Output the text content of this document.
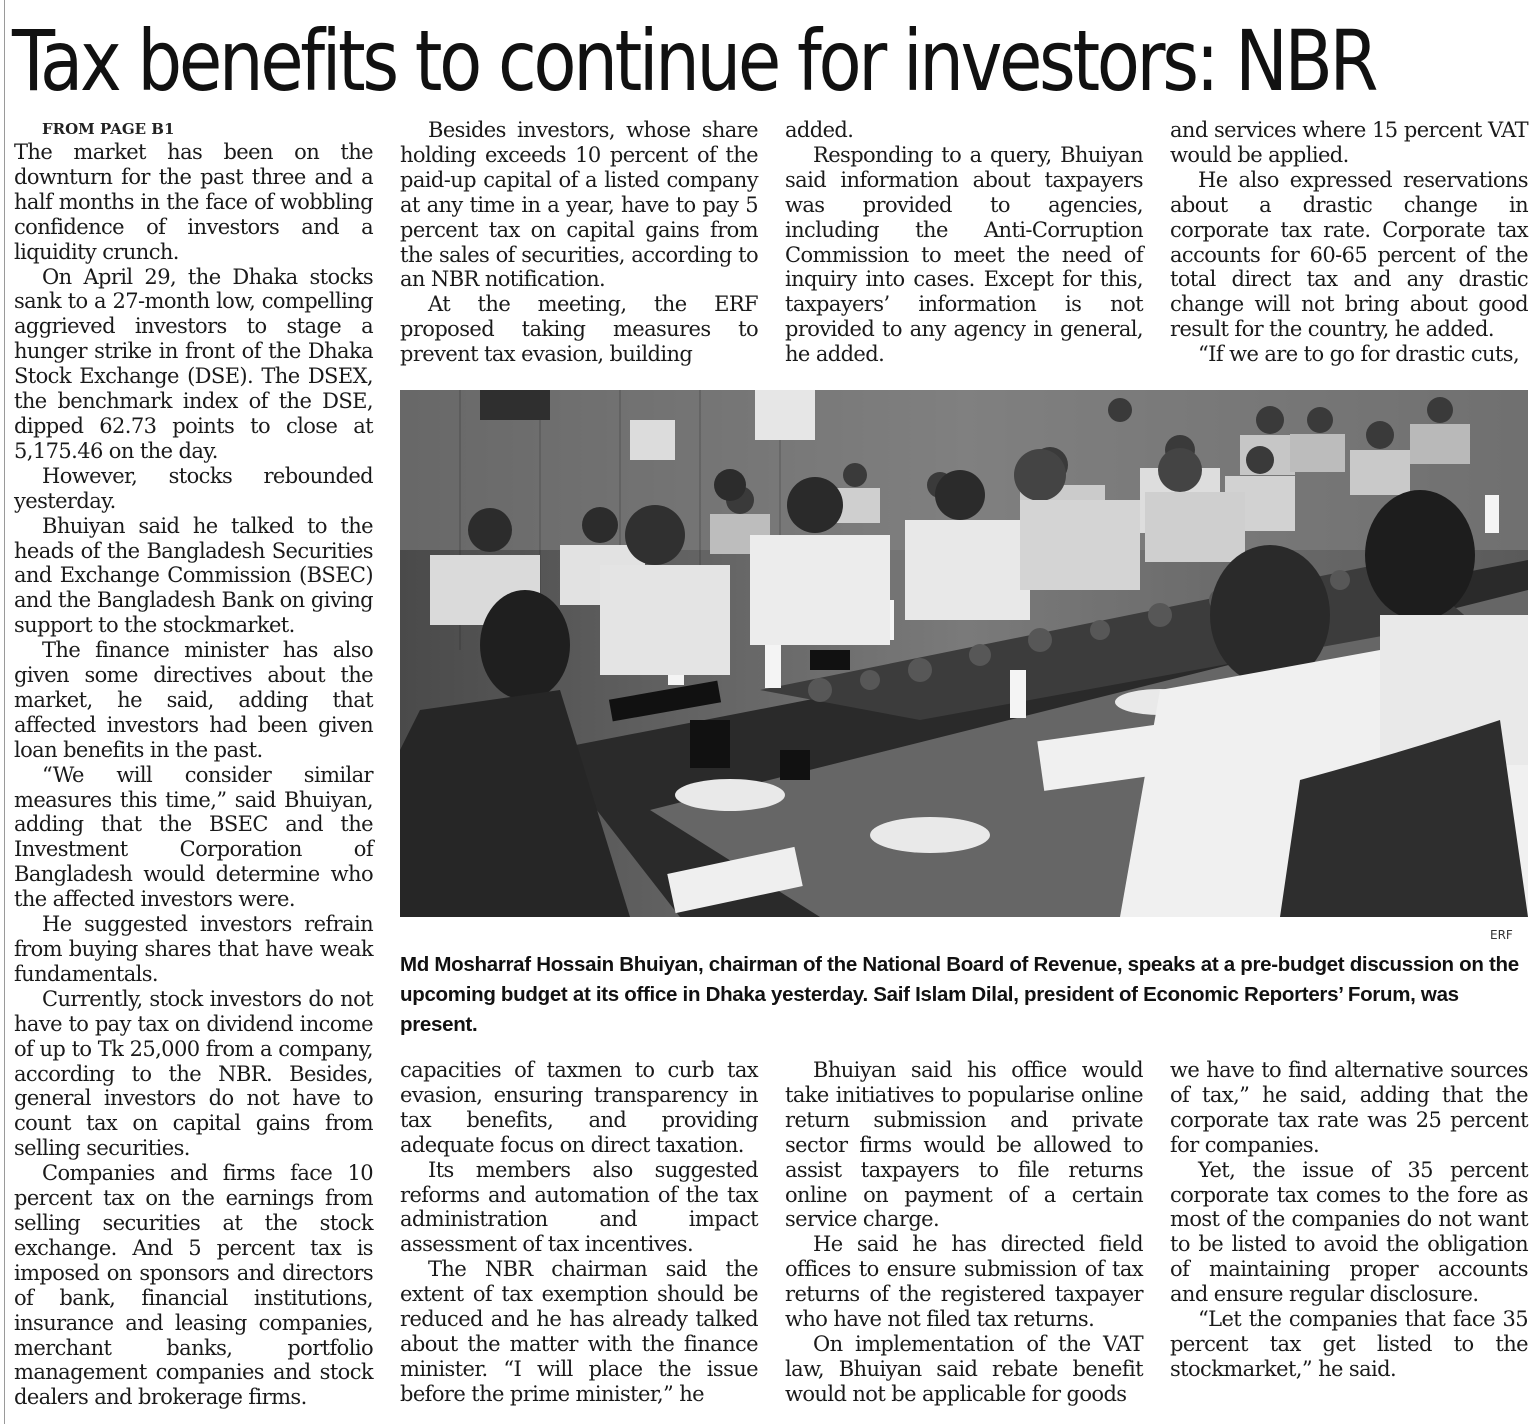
Tax benefits to continue for investors: NBR

FROM PAGE B1

The market has been on the downturn for the past three and a half months in the face of wobbling confidence of investors and a liquidity crunch.

On April 29, the Dhaka stocks sank to a 27-month low, compelling aggrieved investors to stage a hunger strike in front of the Dhaka Stock Exchange (DSE). The DSEX, the benchmark index of the DSE, dipped 62.73 points to close at 5,175.46 on the day.

However, stocks rebounded yesterday.

Bhuiyan said he talked to the heads of the Bangladesh Securities and Exchange Commission (BSEC) and the Bangladesh Bank on giving support to the stockmarket.

The finance minister has also given some directives about the market, he said, adding that affected investors had been given loan benefits in the past.

“We will consider similar measures this time,” said Bhuiyan, adding that the BSEC and the Investment Corporation of Bangladesh would determine who the affected investors were.

He suggested investors refrain from buying shares that have weak fundamentals.

Currently, stock investors do not have to pay tax on dividend income of up to Tk 25,000 from a company, according to the NBR. Besides, general investors do not have to count tax on capital gains from selling securities.

Companies and firms face 10 percent tax on the earnings from selling securities at the stock exchange. And 5 percent tax is imposed on sponsors and directors of bank, financial institutions, insurance and leasing companies, merchant banks, portfolio management companies and stock dealers and brokerage firms.

Besides investors, whose share holding exceeds 10 percent of the paid-up capital of a listed company at any time in a year, have to pay 5 percent tax on capital gains from the sales of securities, according to an NBR notification.

At the meeting, the ERF proposed taking measures to prevent tax evasion, building

added.

Responding to a query, Bhuiyan said information about taxpayers was provided to agencies, including the Anti-Corruption Commission to meet the need of inquiry into cases. Except for this, taxpayers’ information is not provided to any agency in general, he added.

and services where 15 percent VAT would be applied.

He also expressed reservations about a drastic change in corporate tax rate. Corporate tax accounts for 60-65 percent of the total direct tax and any drastic change will not bring about good result for the country, he added.

“If we are to go for drastic cuts,

ERF
Md Mosharraf Hossain Bhuiyan, chairman of the National Board of Revenue, speaks at a pre-budget discussion on the upcoming budget at its office in Dhaka yesterday. Saif Islam Dilal, president of Economic Reporters’ Forum, was present.

capacities of taxmen to curb tax evasion, ensuring transparency in tax benefits, and providing adequate focus on direct taxation.

Its members also suggested reforms and automation of the tax administration and impact assessment of tax incentives.

The NBR chairman said the extent of tax exemption should be reduced and he has already talked about the matter with the finance minister. “I will place the issue before the prime minister,” he

Bhuiyan said his office would take initiatives to popularise online return submission and private sector firms would be allowed to assist taxpayers to file returns online on payment of a certain service charge.

He said he has directed field offices to ensure submission of tax returns of the registered taxpayer who have not filed tax returns.

On implementation of the VAT law, Bhuiyan said rebate benefit would not be applicable for goods

we have to find alternative sources of tax,” he said, adding that the corporate tax rate was 25 percent for companies.

Yet, the issue of 35 percent corporate tax comes to the fore as most of the companies do not want to be listed to avoid the obligation of maintaining proper accounts and ensure regular disclosure.

“Let the companies that face 35 percent tax get listed to the stockmarket,” he said.
